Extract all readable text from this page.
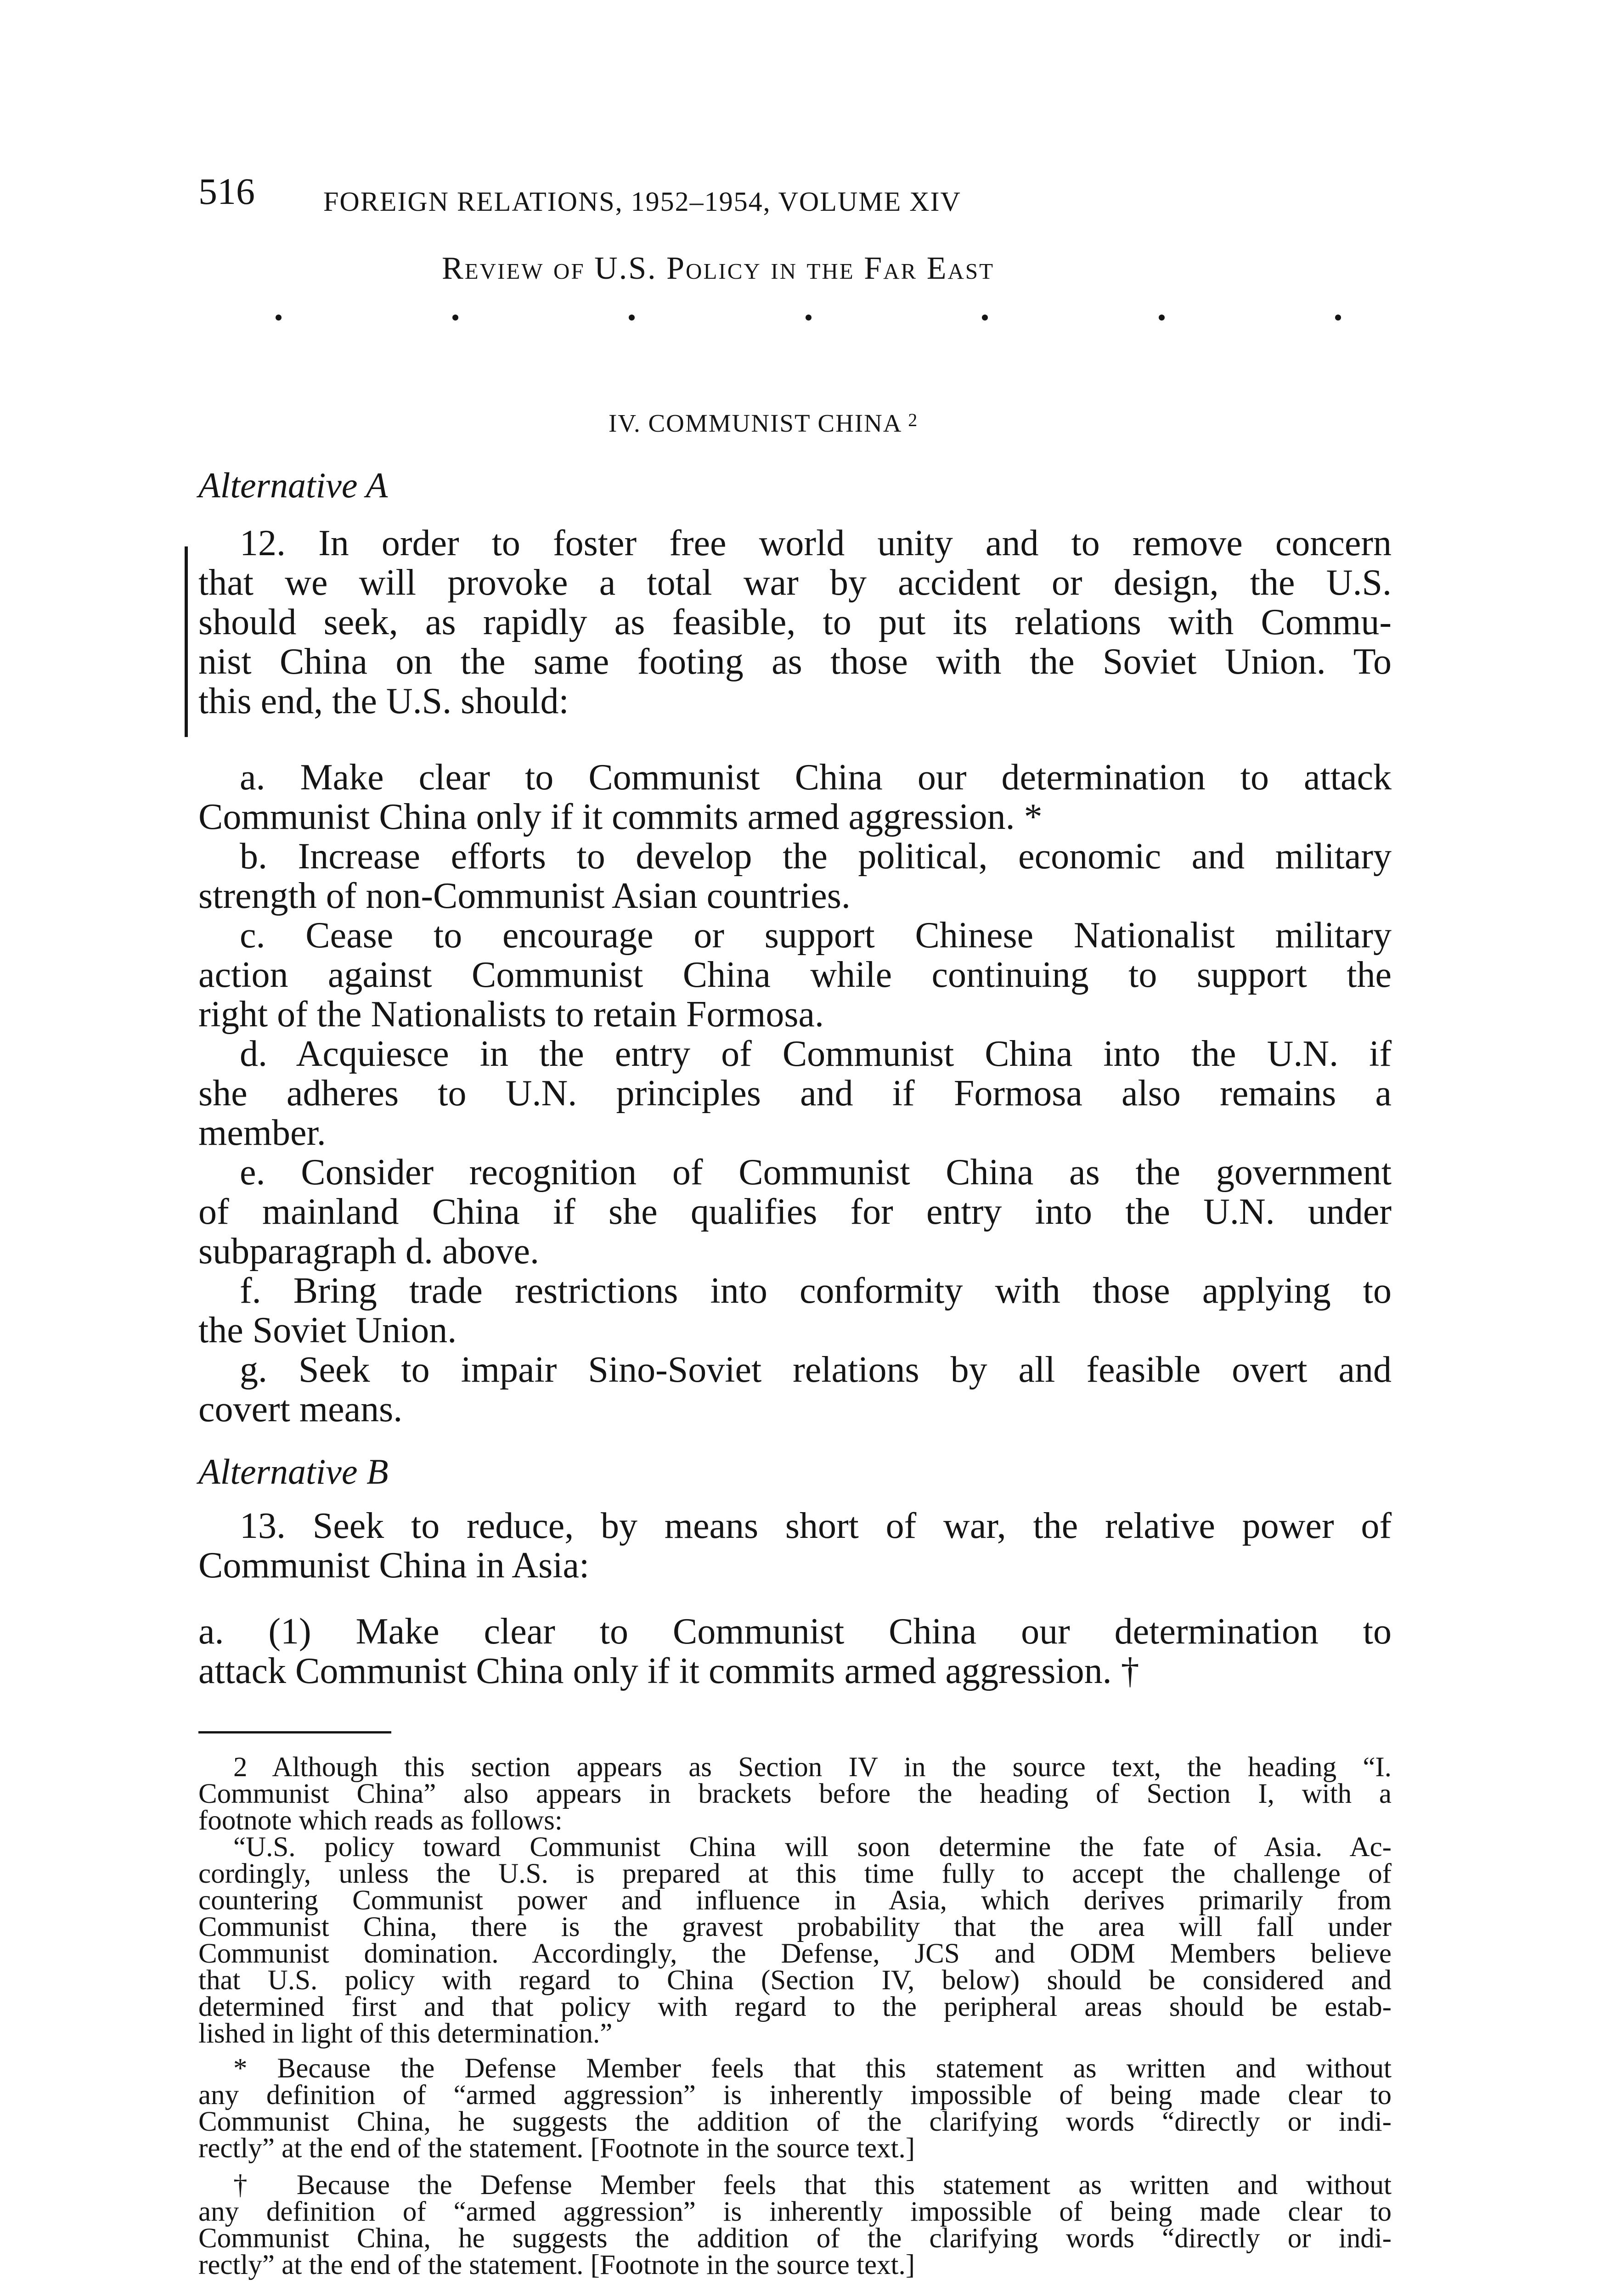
516 FOREIGN RELATIONS, 1952–1954, VOLUME XIV
Review of U.S. Policy in the Far East
IV. COMMUNIST CHINA $^2$
Alternative A
12. In order to foster free world unity and to remove concern
that we will provoke a total war by accident or design, the U.S.
should seek, as rapidly as feasible, to put its relations with Commu-
nist China on the same footing as those with the Soviet Union. To
this end, the U.S. should:
a. Make clear to Communist China our determination to attack
Communist China only if it commits armed aggression. *
b. Increase efforts to develop the political, economic and military
strength of non-Communist Asian countries.
c. Cease to encourage or support Chinese Nationalist military
action against Communist China while continuing to support the
right of the Nationalists to retain Formosa.
d. Acquiesce in the entry of Communist China into the U.N. if
she adheres to U.N. principles and if Formosa also remains a
member.
e. Consider recognition of Communist China as the government
of mainland China if she qualifies for entry into the U.N. under
subparagraph d. above.
f. Bring trade restrictions into conformity with those applying to
the Soviet Union.
g. Seek to impair Sino-Soviet relations by all feasible overt and
covert means.
Alternative B
13. Seek to reduce, by means short of war, the relative power of
Communist China in Asia:
a. (1) Make clear to Communist China our determination to
attack Communist China only if it commits armed aggression. †
2 Although this section appears as Section IV in the source text, the heading “I.
Communist China” also appears in brackets before the heading of Section I, with a
footnote which reads as follows:
“U.S. policy toward Communist China will soon determine the fate of Asia. Ac-
cordingly, unless the U.S. is prepared at this time fully to accept the challenge of
countering Communist power and influence in Asia, which derives primarily from
Communist China, there is the gravest probability that the area will fall under
Communist domination. Accordingly, the Defense, JCS and ODM Members believe
that U.S. policy with regard to China (Section IV, below) should be considered and
determined first and that policy with regard to the peripheral areas should be estab-
lished in light of this determination.”
* Because the Defense Member feels that this statement as written and without
any definition of “armed aggression” is inherently impossible of being made clear to
Communist China, he suggests the addition of the clarifying words “directly or indi-
rectly” at the end of the statement. [Footnote in the source text.]
† Because the Defense Member feels that this statement as written and without
any definition of “armed aggression” is inherently impossible of being made clear to
Communist China, he suggests the addition of the clarifying words “directly or indi-
rectly” at the end of the statement. [Footnote in the source text.]
